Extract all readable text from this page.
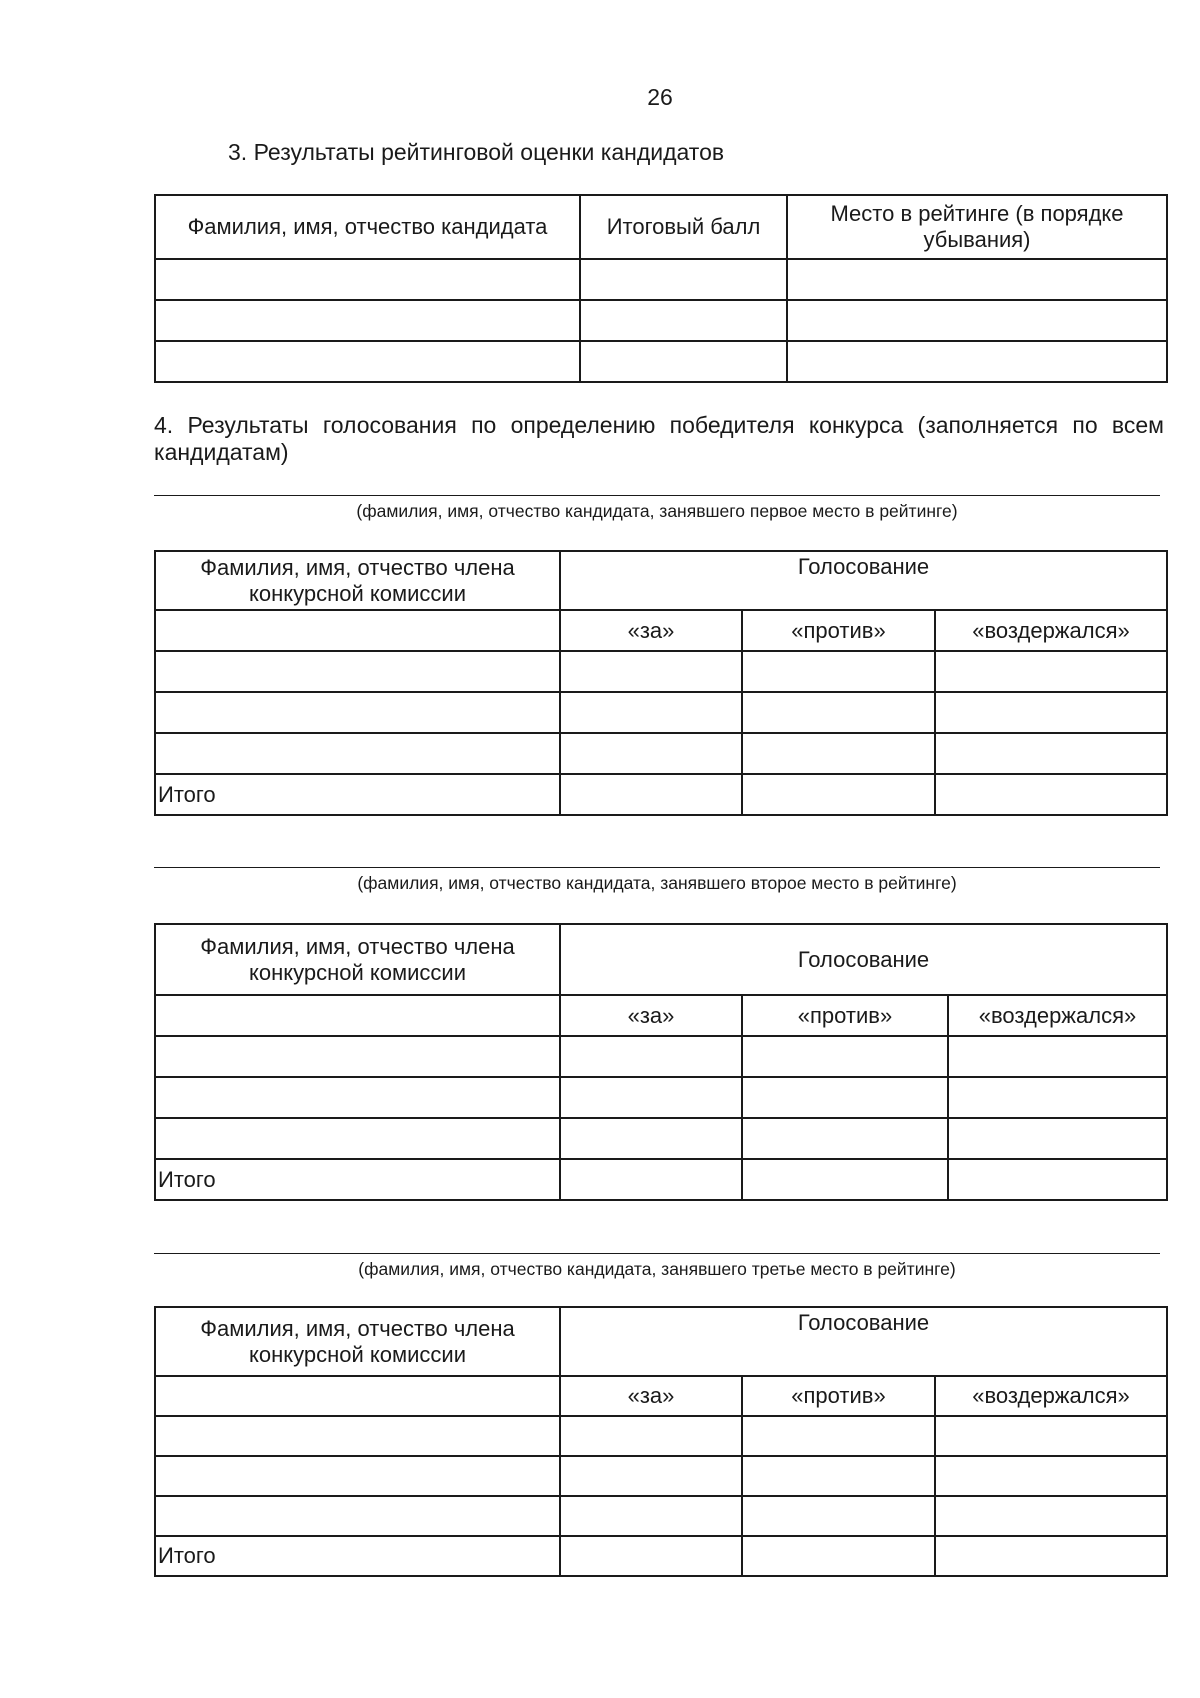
26
3. Результаты рейтинговой оценки кандидатов
Фамилия, имя, отчество кандидата	Итоговый балл	Место в рейтинге (в порядке убывания)

4. Результаты голосования по определению победителя конкурса (заполняется по всем кандидатам)
(фамилия, имя, отчество кандидата, занявшего первое место в рейтинге)
Фамилия, имя, отчество члена конкурсной комиссии	Голосование		
	«за»	«против»	«воздержался»

Итого			
(фамилия, имя, отчество кандидата, занявшего второе место в рейтинге)
Фамилия, имя, отчество члена конкурсной комиссии	Голосование		
	«за»	«против»	«воздержался»

Итого			
(фамилия, имя, отчество кандидата, занявшего третье место в рейтинге)
Фамилия, имя, отчество члена конкурсной комиссии	Голосование		
	«за»	«против»	«воздержался»

Итого			
